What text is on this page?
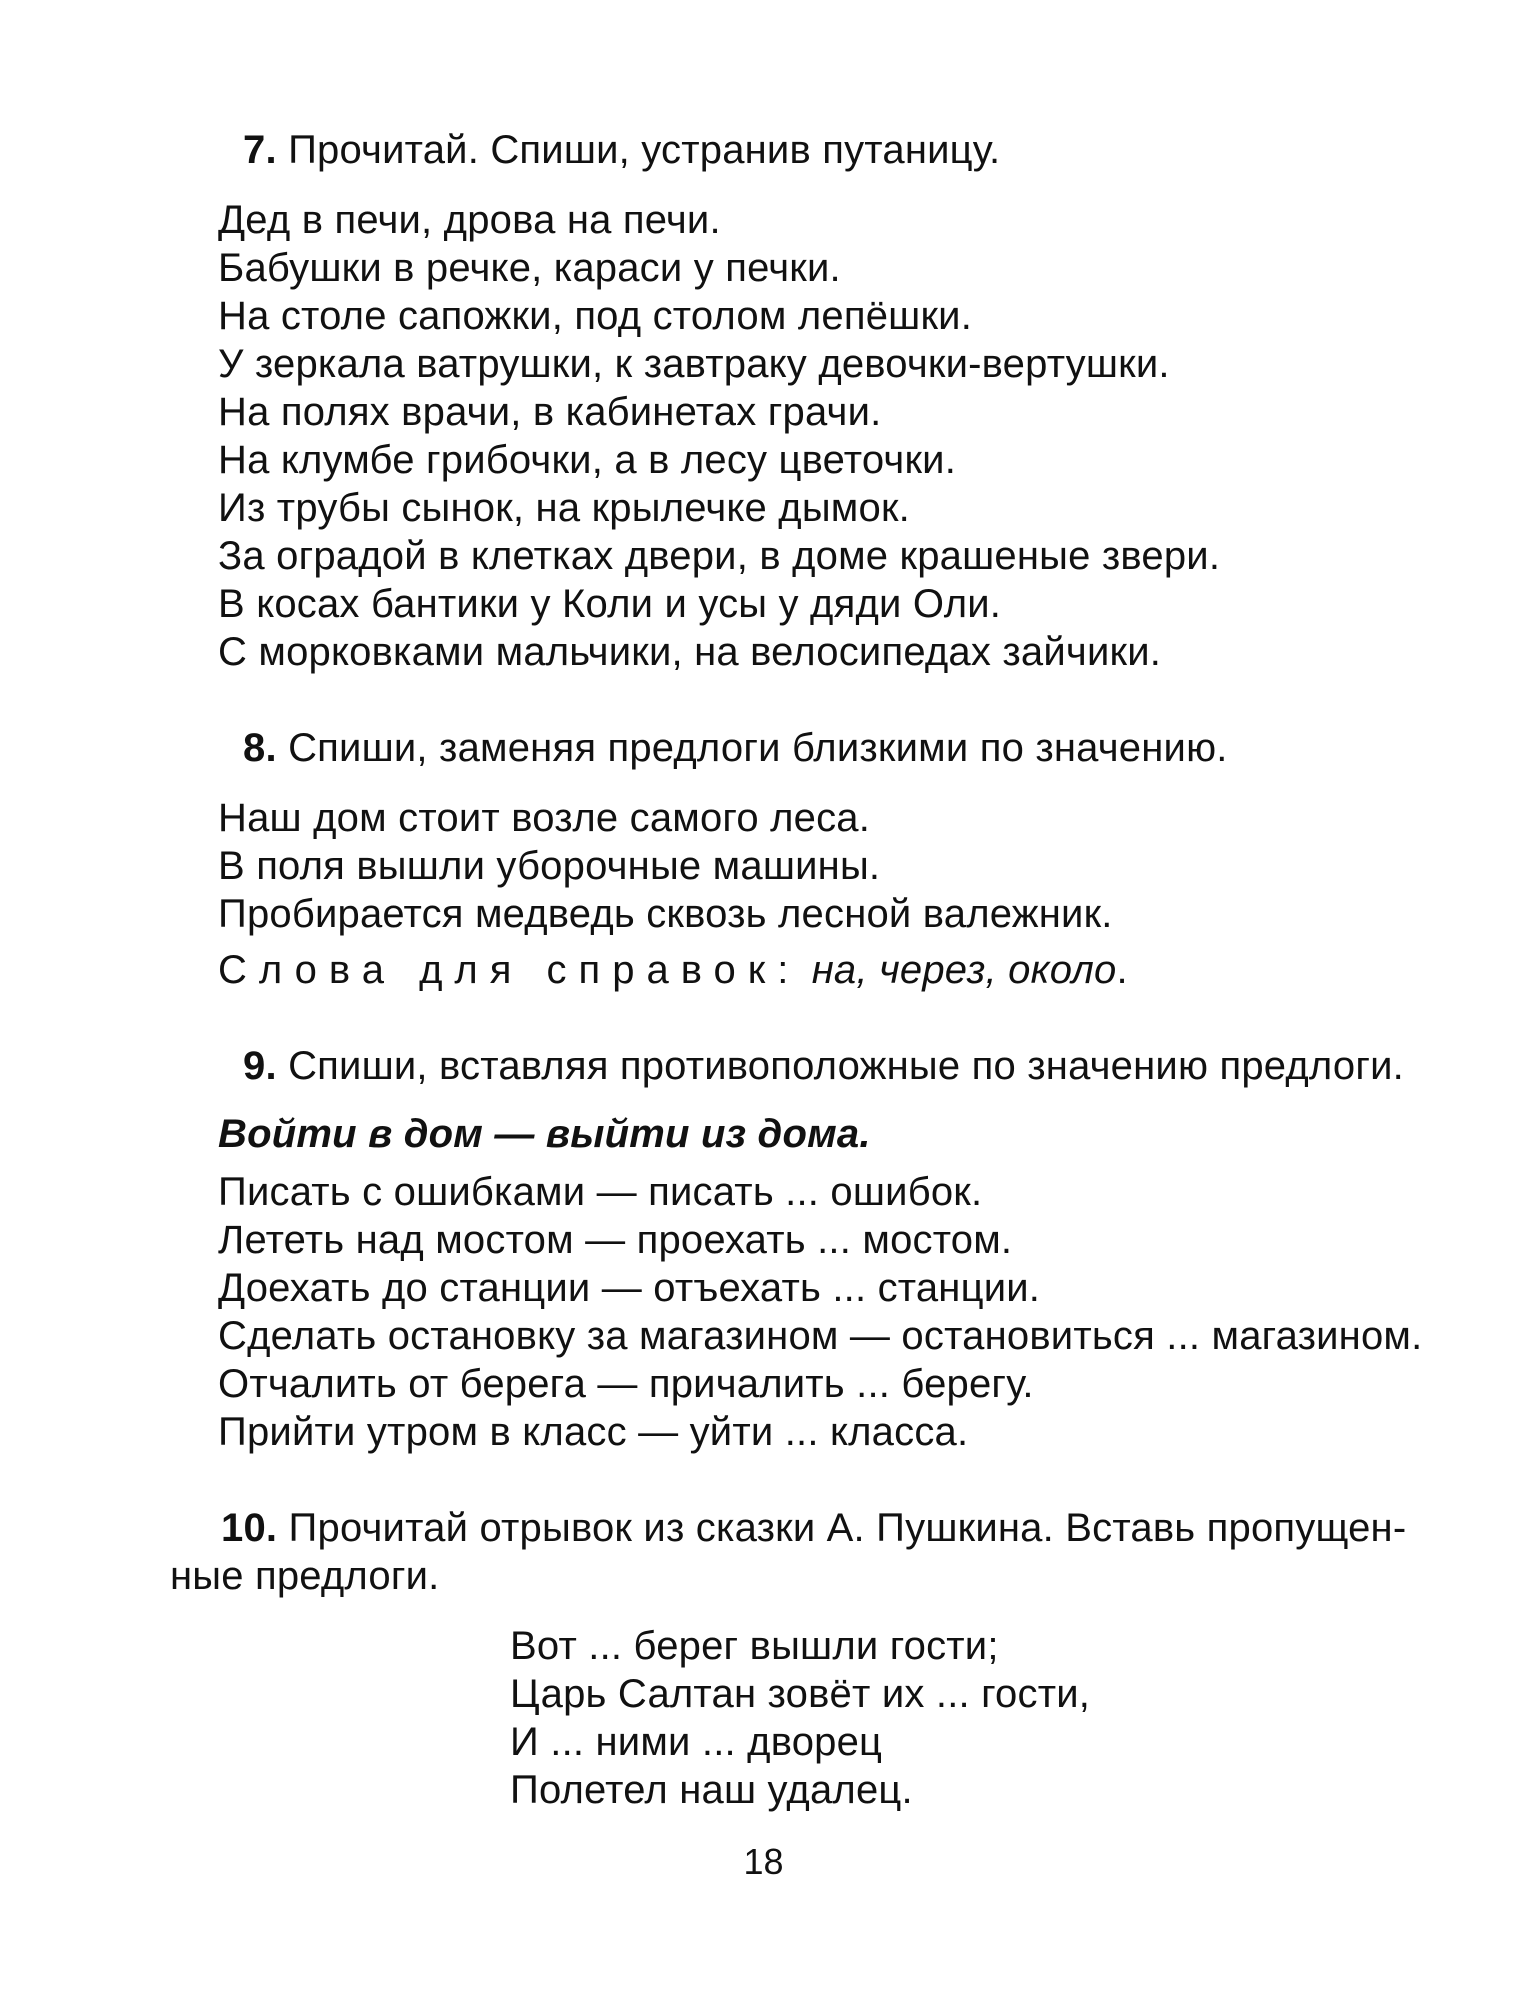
7. Прочитай. Спиши, устранив путаницу.
Дед в печи, дрова на печи.
Бабушки в речке, караси у печки.
На столе сапожки, под столом лепёшки.
У зеркала ватрушки, к завтраку девочки-вертушки.
На полях врачи, в кабинетах грачи.
На клумбе грибочки, а в лесу цветочки.
Из трубы сынок, на крылечке дымок.
За оградой в клетках двери, в доме крашеные звери.
В косах бантики у Коли и усы у дяди Оли.
С морковками мальчики, на велосипедах зайчики.
8. Спиши, заменяя предлоги близкими по значению.
Наш дом стоит возле самого леса.
В поля вышли уборочные машины.
Пробирается медведь сквозь лесной валежник.
Слова для справок: на, через, около.
9. Спиши, вставляя противоположные по значению предлоги.
Войти в дом — выйти из дома.
Писать с ошибками — писать ... ошибок.
Лететь над мостом — проехать ... мостом.
Доехать до станции — отъехать ... станции.
Сделать остановку за магазином — остановиться ... магазином.
Отчалить от берега — причалить ... берегу.
Прийти утром в класс — уйти ... класса.
10. Прочитай отрывок из сказки А. Пушкина. Вставь пропущен-
ные предлоги.
Вот ... берег вышли гости;
Царь Салтан зовёт их ... гости,
И ... ними ... дворец
Полетел наш удалец.
18
